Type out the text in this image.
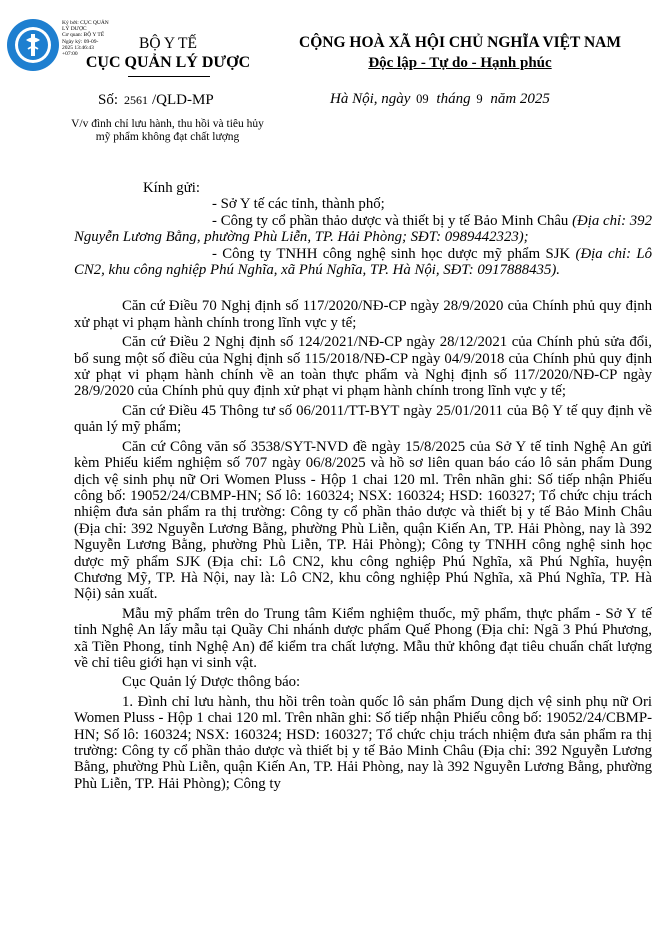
Ký bởi: CỤC QUẢN
LÝ DƯỢC
Cơ quan: BỘ Y TẾ
Ngày ký: 09-09-
2025 13:46:43
+07:00
BỘ Y TẾ
CỤC QUẢN LÝ DƯỢC
CỘNG HOÀ XÃ HỘI CHỦ NGHĨA VIỆT NAM
Độc lập - Tự do - Hạnh phúc
Số: 2561 /QLD-MP	Hà Nội, ngày 09 tháng 9 năm 2025
V/v đình chỉ lưu hành, thu hồi và tiêu hủy mỹ phẩm không đạt chất lượng

Kính gửi:

- Sở Y tế các tỉnh, thành phố;

- Công ty cổ phần thảo dược và thiết bị y tế Bảo Minh Châu (Địa chỉ: 392 Nguyễn Lương Bằng, phường Phù Liễn, TP. Hải Phòng; SĐT: 0989442323);

- Công ty TNHH công nghệ sinh học dược mỹ phẩm SJK (Địa chỉ: Lô CN2, khu công nghiệp Phú Nghĩa, xã Phú Nghĩa, TP. Hà Nội, SĐT: 0917888435).

Căn cứ Điều 70 Nghị định số 117/2020/NĐ-CP ngày 28/9/2020 của Chính phủ quy định xử phạt vi phạm hành chính trong lĩnh vực y tế;

Căn cứ Điều 2 Nghị định số 124/2021/NĐ-CP ngày 28/12/2021 của Chính phủ sửa đổi, bổ sung một số điều của Nghị định số 115/2018/NĐ-CP ngày 04/9/2018 của Chính phủ quy định xử phạt vi phạm hành chính về an toàn thực phẩm và Nghị định số 117/2020/NĐ-CP ngày 28/9/2020 của Chính phủ quy định xử phạt vi phạm hành chính trong lĩnh vực y tế;

Căn cứ Điều 45 Thông tư số 06/2011/TT-BYT ngày 25/01/2011 của Bộ Y tế quy định về quản lý mỹ phẩm;

Căn cứ Công văn số 3538/SYT-NVD đề ngày 15/8/2025 của Sở Y tế tỉnh Nghệ An gửi kèm Phiếu kiểm nghiệm số 707 ngày 06/8/2025 và hồ sơ liên quan báo cáo lô sản phẩm Dung dịch vệ sinh phụ nữ Ori Women Pluss - Hộp 1 chai 120 ml. Trên nhãn ghi: Số tiếp nhận Phiếu công bố: 19052/24/CBMP-HN; Số lô: 160324; NSX: 160324; HSD: 160327; Tổ chức chịu trách nhiệm đưa sản phẩm ra thị trường: Công ty cổ phần thảo dược và thiết bị y tế Bảo Minh Châu (Địa chỉ: 392 Nguyễn Lương Bằng, phường Phù Liễn, quận Kiến An, TP. Hải Phòng, nay là 392 Nguyễn Lương Bằng, phường Phù Liễn, TP. Hải Phòng); Công ty TNHH công nghệ sinh học dược mỹ phẩm SJK (Địa chỉ: Lô CN2, khu công nghiệp Phú Nghĩa, xã Phú Nghĩa, huyện Chương Mỹ, TP. Hà Nội, nay là: Lô CN2, khu công nghiệp Phú Nghĩa, xã Phú Nghĩa, TP. Hà Nội) sản xuất.

Mẫu mỹ phẩm trên do Trung tâm Kiểm nghiệm thuốc, mỹ phẩm, thực phẩm - Sở Y tế tỉnh Nghệ An lấy mẫu tại Quầy Chi nhánh dược phẩm Quế Phong (Địa chỉ: Ngã 3 Phú Phương, xã Tiền Phong, tỉnh Nghệ An) để kiểm tra chất lượng. Mẫu thử không đạt tiêu chuẩn chất lượng về chỉ tiêu giới hạn vi sinh vật.

Cục Quản lý Dược thông báo:

1. Đình chỉ lưu hành, thu hồi trên toàn quốc lô sản phẩm Dung dịch vệ sinh phụ nữ Ori Women Pluss - Hộp 1 chai 120 ml. Trên nhãn ghi: Số tiếp nhận Phiếu công bố: 19052/24/CBMP-HN; Số lô: 160324; NSX: 160324; HSD: 160327; Tổ chức chịu trách nhiệm đưa sản phẩm ra thị trường: Công ty cổ phần thảo dược và thiết bị y tế Bảo Minh Châu (Địa chỉ: 392 Nguyễn Lương Bằng, phường Phù Liễn, quận Kiến An, TP. Hải Phòng, nay là 392 Nguyễn Lương Bằng, phường Phù Liễn, TP. Hải Phòng); Công ty
